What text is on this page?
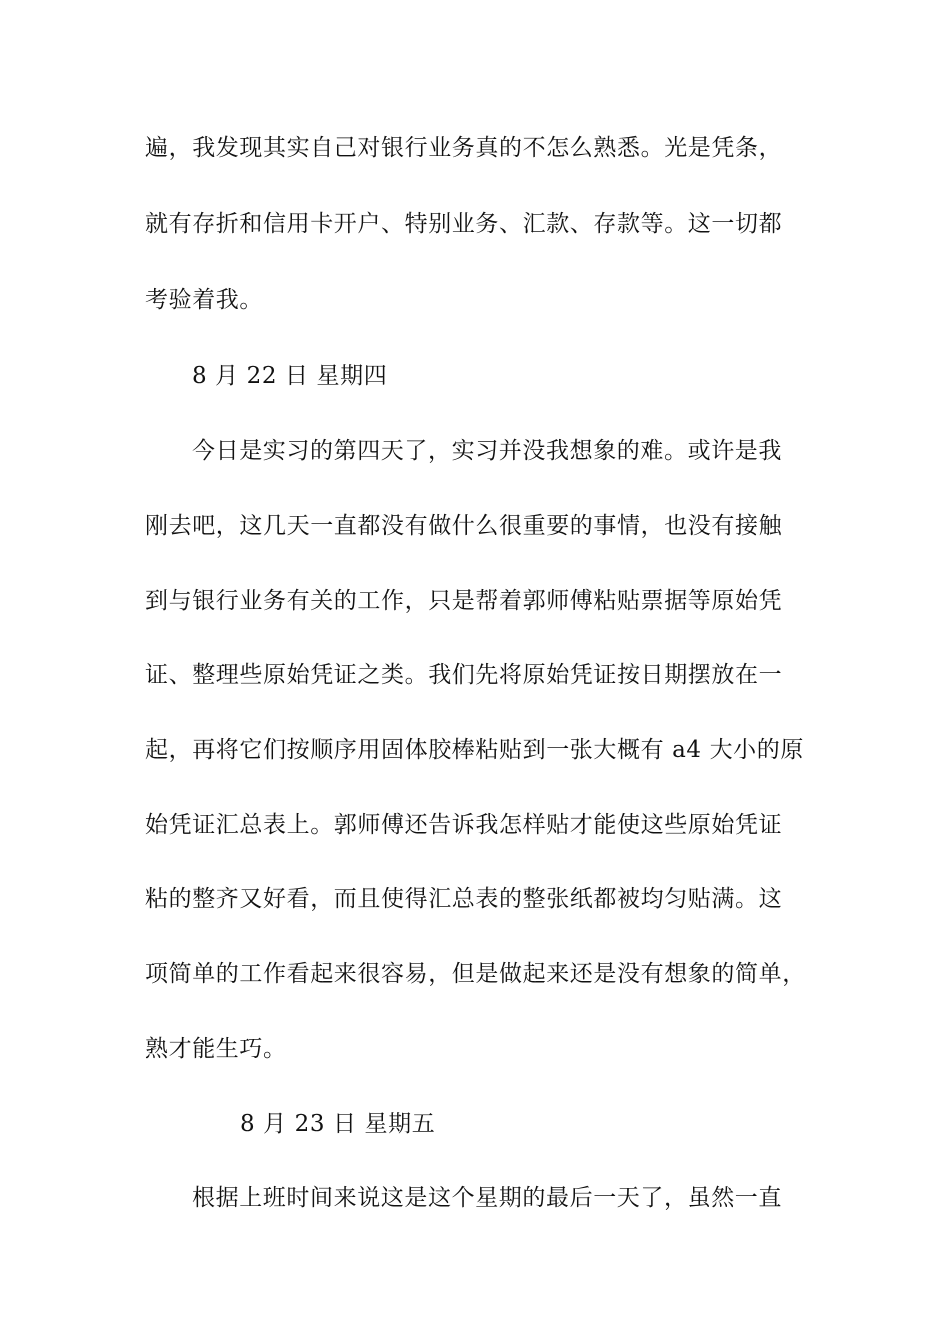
遍，我发现其实自己对银行业务真的不怎么熟悉。光是凭条，
就有存折和信用卡开户、特别业务、汇款、存款等。这一切都
考验着我。
8 月 22 日 星期四
今日是实习的第四天了，实习并没我想象的难。或许是我
刚去吧，这几天一直都没有做什么很重要的事情，也没有接触
到与银行业务有关的工作，只是帮着郭师傅粘贴票据等原始凭
证、整理些原始凭证之类。我们先将原始凭证按日期摆放在一
起，再将它们按顺序用固体胶棒粘贴到一张大概有 a4 大小的原
始凭证汇总表上。郭师傅还告诉我怎样贴才能使这些原始凭证
粘的整齐又好看，而且使得汇总表的整张纸都被均匀贴满。这
项简单的工作看起来很容易，但是做起来还是没有想象的简单，
熟才能生巧。
8 月 23 日 星期五
根据上班时间来说这是这个星期的最后一天了，虽然一直
